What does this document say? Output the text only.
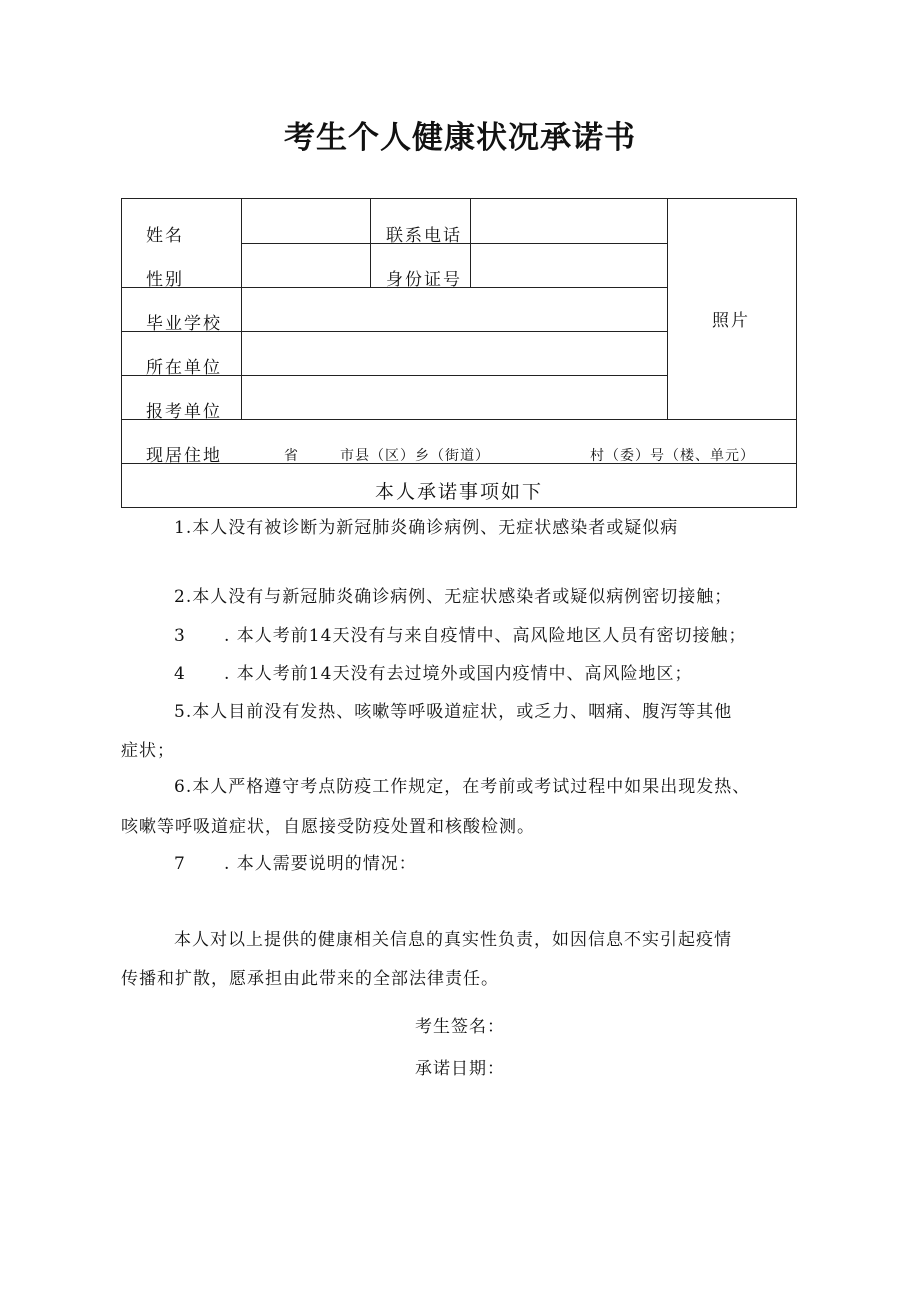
考生个人健康状况承诺书
姓名	联系电话
性别	身份证号
毕业学校
所在单位
报考单位
现居住地	省	市县（区）乡（街道）	村（委）号（楼、单元）
照片
本人承诺事项如下
1.本人没有被诊断为新冠肺炎确诊病例、无症状感染者或疑似病
2.本人没有与新冠肺炎确诊病例、无症状感染者或疑似病例密切接触；
3 . 本人考前14天没有与来自疫情中、高风险地区人员有密切接触；
4 . 本人考前14天没有去过境外或国内疫情中、高风险地区；
5.本人目前没有发热、咳嗽等呼吸道症状，或乏力、咽痛、腹泻等其他
症状；
6.本人严格遵守考点防疫工作规定，在考前或考试过程中如果出现发热、
咳嗽等呼吸道症状，自愿接受防疫处置和核酸检测。
7 . 本人需要说明的情况：
本人对以上提供的健康相关信息的真实性负责，如因信息不实引起疫情
传播和扩散，愿承担由此带来的全部法律责任。
考生签名：
承诺日期：
